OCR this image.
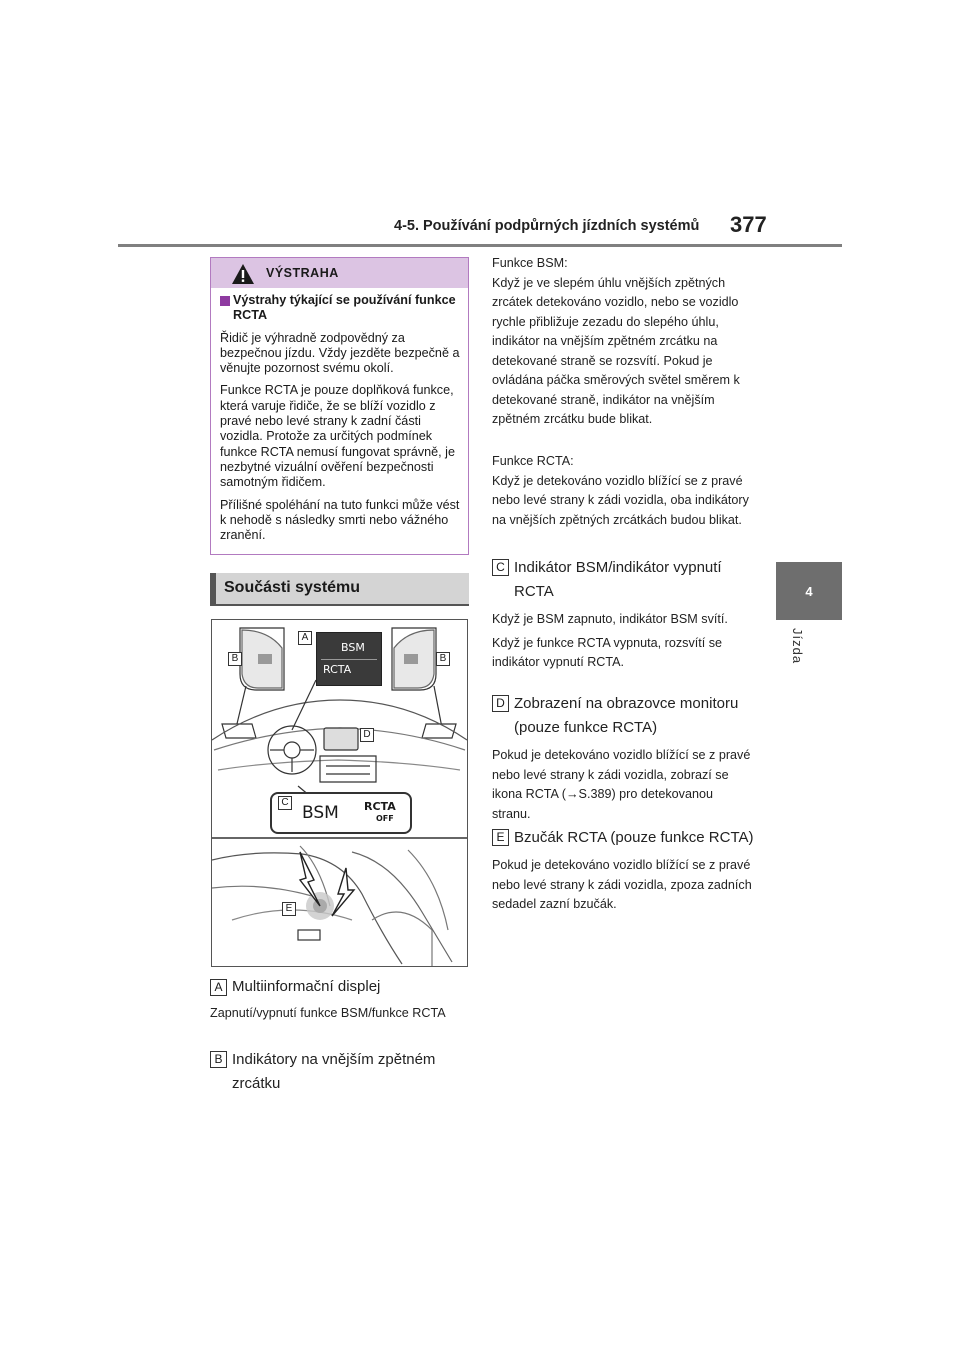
4-5. Používání podpůrných jízdních systémů 377
4
Jízda
VÝSTRAHA
Výstrahy týkající se používání funkce RCTA

Řidič je výhradně zodpovědný za bezpečnou jízdu. Vždy jezděte bezpečně a věnujte pozornost svému okolí.

Funkce RCTA je pouze doplňková funkce, která varuje řidiče, že se blíží vozidlo z pravé nebo levé strany k zadní části vozidla. Protože za určitých podmínek funkce RCTA nemusí fungovat správně, je nezbytné vizuální ověření bezpečnosti samotným řidičem.

Přílišné spoléhání na tuto funkci může vést k nehodě s následky smrti nebo vážného zranění.

Součásti systému
BSM
RCTA
BSM RCTA
OFF
A
B	B
C
D
E
A Multiinformační displej
Zapnutí/vypnutí funkce BSM/funkce RCTA
B Indikátory na vnějším zpětném zrcátku
Funkce BSM:
Když je ve slepém úhlu vnějších zpětných zrcátek detekováno vozidlo, nebo se vozidlo rychle přibližuje zezadu do slepého úhlu, indikátor na vnějším zpětném zrcátku na detekované straně se rozsvítí. Pokud je ovládána páčka směrových světel směrem k detekované straně, indikátor na vnějším zpětném zrcátku bude blikat.
Funkce RCTA:
Když je detekováno vozidlo blížící se z pravé nebo levé strany k zádi vozidla, oba indikátory na vnějších zpětných zrcátkách budou blikat.
C Indikátor BSM/indikátor vypnutí RCTA
Když je BSM zapnuto, indikátor BSM svítí.
Když je funkce RCTA vypnuta, rozsvítí se indikátor vypnutí RCTA.
D Zobrazení na obrazovce monitoru (pouze funkce RCTA)
Pokud je detekováno vozidlo blížící se z pravé nebo levé strany k zádi vozidla, zobrazí se ikona RCTA (→S.389) pro detekovanou stranu.
E Bzučák RCTA (pouze funkce RCTA)
Pokud je detekováno vozidlo blížící se z pravé nebo levé strany k zádi vozidla, zpoza zadních sedadel zazní bzučák.
